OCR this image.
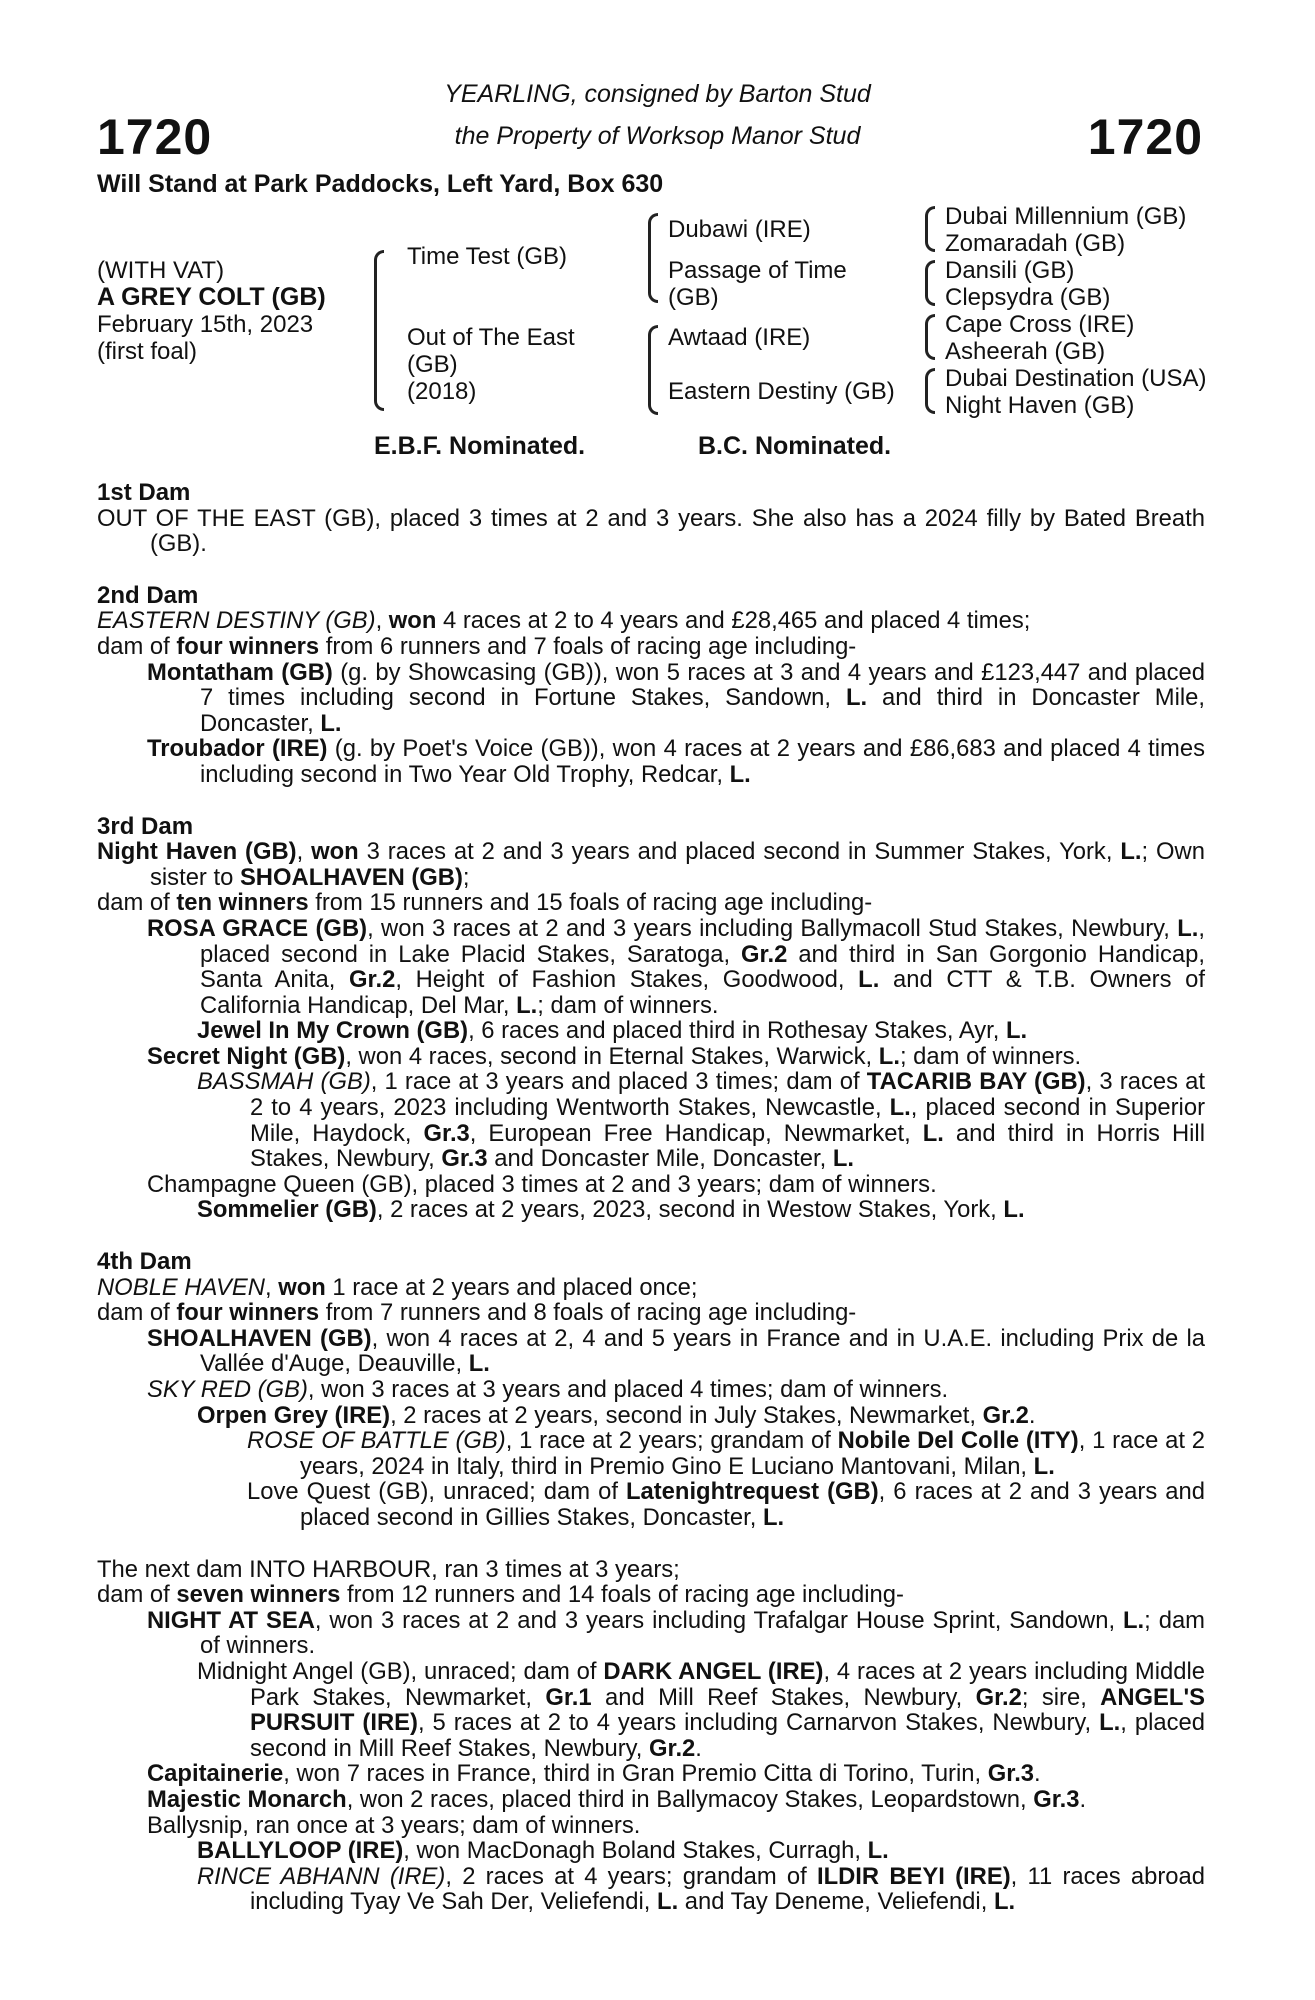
1720
YEARLING, consigned by Barton Stud
the Property of Worksop Manor Stud	1720
Will Stand at Park Paddocks, Left Yard, Box 630
(WITH VAT)
A GREY COLT (GB)
February 15th, 2023
(first foal)
Time Test (GB)
Out of The East
(GB)
(2018)
Dubawi (IRE)
Passage of Time
(GB)
Awtaad (IRE)
Eastern Destiny (GB)
Dubai Millennium (GB)
Zomaradah (GB)
Dansili (GB)
Clepsydra (GB)
Cape Cross (IRE)
Asheerah (GB)
Dubai Destination (USA)
Night Haven (GB)
E.B.F. Nominated.	B.C. Nominated.

1st Dam

OUT OF THE EAST (GB), placed 3 times at 2 and 3 years. She also has a 2024 filly by Bated Breath (GB).

2nd Dam

EASTERN DESTINY (GB), won 4 races at 2 to 4 years and £28,465 and placed 4 times;

dam of four winners from 6 runners and 7 foals of racing age including-

Montatham (GB) (g. by Showcasing (GB)), won 5 races at 3 and 4 years and £123,447 and placed 7 times including second in Fortune Stakes, Sandown, L. and third in Doncaster Mile, Doncaster, L.

Troubador (IRE) (g. by Poet's Voice (GB)), won 4 races at 2 years and £86,683 and placed 4 times including second in Two Year Old Trophy, Redcar, L.

3rd Dam

Night Haven (GB), won 3 races at 2 and 3 years and placed second in Summer Stakes, York, L.; Own sister to SHOALHAVEN (GB);

dam of ten winners from 15 runners and 15 foals of racing age including-

ROSA GRACE (GB), won 3 races at 2 and 3 years including Ballymacoll Stud Stakes, Newbury, L., placed second in Lake Placid Stakes, Saratoga, Gr.2 and third in San Gorgonio Handicap, Santa Anita, Gr.2, Height of Fashion Stakes, Goodwood, L. and CTT & T.B. Owners of California Handicap, Del Mar, L.; dam of winners.

Jewel In My Crown (GB), 6 races and placed third in Rothesay Stakes, Ayr, L.

Secret Night (GB), won 4 races, second in Eternal Stakes, Warwick, L.; dam of winners.

BASSMAH (GB), 1 race at 3 years and placed 3 times; dam of TACARIB BAY (GB), 3 races at 2 to 4 years, 2023 including Wentworth Stakes, Newcastle, L., placed second in Superior Mile, Haydock, Gr.3, European Free Handicap, Newmarket, L. and third in Horris Hill Stakes, Newbury, Gr.3 and Doncaster Mile, Doncaster, L.

Champagne Queen (GB), placed 3 times at 2 and 3 years; dam of winners.

Sommelier (GB), 2 races at 2 years, 2023, second in Westow Stakes, York, L.

4th Dam

NOBLE HAVEN, won 1 race at 2 years and placed once;

dam of four winners from 7 runners and 8 foals of racing age including-

SHOALHAVEN (GB), won 4 races at 2, 4 and 5 years in France and in U.A.E. including Prix de la Vallée d'Auge, Deauville, L.

SKY RED (GB), won 3 races at 3 years and placed 4 times; dam of winners.

Orpen Grey (IRE), 2 races at 2 years, second in July Stakes, Newmarket, Gr.2.

ROSE OF BATTLE (GB), 1 race at 2 years; grandam of Nobile Del Colle (ITY), 1 race at 2 years, 2024 in Italy, third in Premio Gino E Luciano Mantovani, Milan, L.

Love Quest (GB), unraced; dam of Latenightrequest (GB), 6 races at 2 and 3 years and placed second in Gillies Stakes, Doncaster, L.

The next dam INTO HARBOUR, ran 3 times at 3 years;

dam of seven winners from 12 runners and 14 foals of racing age including-

NIGHT AT SEA, won 3 races at 2 and 3 years including Trafalgar House Sprint, Sandown, L.; dam of winners.

Midnight Angel (GB), unraced; dam of DARK ANGEL (IRE), 4 races at 2 years including Middle Park Stakes, Newmarket, Gr.1 and Mill Reef Stakes, Newbury, Gr.2; sire, ANGEL'S PURSUIT (IRE), 5 races at 2 to 4 years including Carnarvon Stakes, Newbury, L., placed second in Mill Reef Stakes, Newbury, Gr.2.

Capitainerie, won 7 races in France, third in Gran Premio Citta di Torino, Turin, Gr.3.

Majestic Monarch, won 2 races, placed third in Ballymacoy Stakes, Leopardstown, Gr.3.

Ballysnip, ran once at 3 years; dam of winners.

BALLYLOOP (IRE), won MacDonagh Boland Stakes, Curragh, L.

RINCE ABHANN (IRE), 2 races at 4 years; grandam of ILDIR BEYI (IRE), 11 races abroad including Tyay Ve Sah Der, Veliefendi, L. and Tay Deneme, Veliefendi, L.
